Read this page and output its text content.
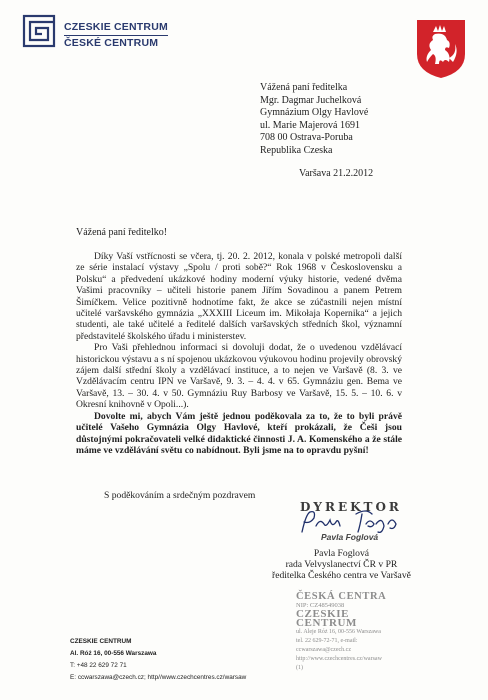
CZESKIE CENTRUM
ČESKÉ CENTRUM
Vážená paní ředitelka
Mgr. Dagmar Juchelková
Gymnázium Olgy Havlové
ul. Marie Majerová 1691
708 00 Ostrava-Poruba
Republika Czeska
Varšava 21.2.2012
Vážená paní ředitelko!

Díky Vaší vstřícnosti se včera, tj. 20. 2. 2012, konala v polské metropoli další ze série instalací výstavy „Spolu / proti sobě?“ Rok 1968 v Československu a Polsku“ a předvedení ukázkové hodiny moderní výuky historie, vedené dvěma Vašimi pracovníky – učiteli historie panem Jiřím Sovadinou a panem Petrem Šimíčkem. Velice pozitivně hodnotíme fakt, že akce se zúčastnili nejen místní učitelé varšavského gymnázia „XXXIII Liceum im. Mikołaja Kopernika“ a jejich studenti, ale také učitelé a ředitelé dalších varšavských středních škol, významní představitelé školského úřadu i ministerstev.

Pro Vaši přehlednou informaci si dovoluji dodat, že o uvedenou vzdělávací historickou výstavu a s ní spojenou ukázkovou výukovou hodinu projevily obrovský zájem další střední školy a vzdělávací instituce, a to nejen ve Varšavě (8. 3. ve Vzdělávacím centru IPN ve Varšavě, 9. 3. – 4. 4. v 65. Gymnáziu gen. Bema ve Varšavě, 13. – 30. 4. v 50. Gymnáziu Ruy Barbosy ve Varšavě, 15. 5. – 10. 6. v Okresní knihovně v Opoli...).

Dovolte mi, abych Vám ještě jednou poděkovala za to, že to byli právě učitelé Vašeho Gymnázia Olgy Havlové, kteří prokázali, že Češi jsou důstojnými pokračovateli velké didaktické činnosti J. A. Komenského a že stále máme ve vzdělávání světu co nabídnout. Byli jsme na to opravdu pyšní!

S poděkováním a srdečným pozdravem
DYREKTOR
Pavla Foglová
Pavla Foglová
rada Velvyslanectví ČR v PR
ředitelka Českého centra ve Varšavě
ČESKÁ CENTRA
NIP: CZ48549038
CZESKIE CENTRUM
ul. Aleje Róż 16, 00-556 Warszawa
tel. 22 629-72-71, e-mail: ccwarszawa@czech.cz
http://www.czechcentres.cz/warsaw
(1)
CZESKIE CENTRUM
Al. Róż 16, 00-556 Warszawa
T: +48 22 629 72 71
E: ccwarszawa@czech.cz; http//www.czechcentres.cz/warsaw
